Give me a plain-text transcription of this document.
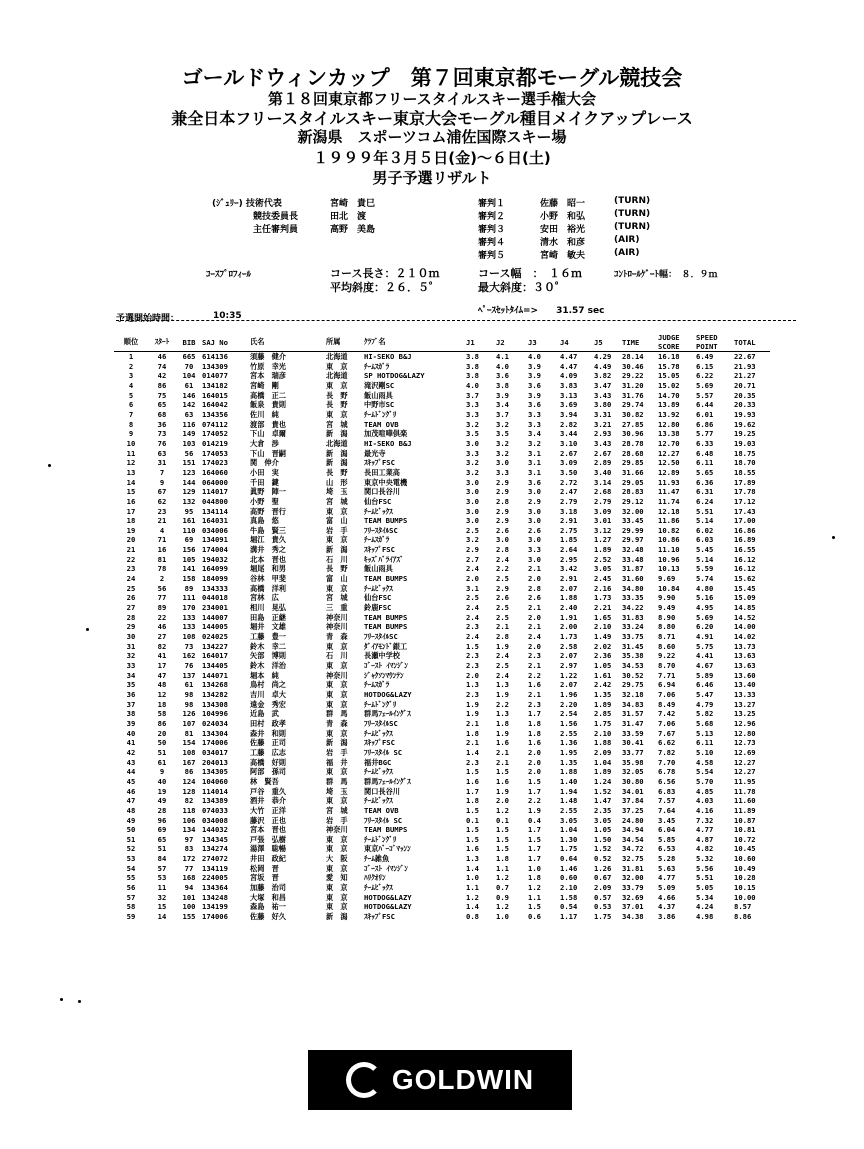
ゴールドウィンカップ　第７回東京都モーグル競技会
第１８回東京都フリースタイルスキー選手権大会
兼全日本フリースタイルスキー東京大会モーグル種目メイクアップレース
新潟県　スポーツコム浦佐国際スキー場
１９９９年３月５日(金)～６日(土)
男子予選リザルト
(ｼﾞｭﾘｰ) 技術代表	宮崎　貴巳
競技委員長	田北　渡
主任審判員	高野　美島
審判１	佐藤　昭一	(TURN)
審判２	小野　和弘	(TURN)
審判３	安田　裕光	(TURN)
審判４	清水　和彦	(AIR)
審判５	宮崎　敏夫	(AIR)
ｺｰｽﾌﾟﾛﾌｨｰﾙ	コース長さ：２１０ｍ
平均斜度：２６．５゜
コース幅　：　１６ｍ
最大斜度：３０゜
ｺﾝﾄﾛｰﾙｹﾞｰﾄ幅：　８．９ｍ
ﾍﾟｰｽｾｯﾄﾀｲﾑ=>　　31.57 sec
予選開始時間：	10:35
順位	ｽﾀｰﾄ	BIB	SAJ No	氏名	所属	ｸﾗﾌﾞ名	J1	J2	J3	J4	J5	TIME	JUDGE SCORE	SPEED POINT	TOTAL
1	46	665	614136	須藤　健介	北海道	HI-SEKO B&J	3.8	4.1	4.0	4.47	4.29	28.14	16.18	6.49	22.67
2	74	70	134309	竹原　幸光	東　京	ﾁｰﾑｽｶﾞﾗ	3.8	4.0	3.9	4.47	4.49	30.46	15.78	6.15	21.93
3	42	104	014077	宮本　瑞彦	北海道	SP HOTDOG&LAZY	3.8	3.6	3.9	4.09	3.82	29.22	15.05	6.22	21.27
4	86	61	134182	宮崎　剛	東　京	滝沢剛SC	4.0	3.8	3.6	3.83	3.47	31.20	15.02	5.69	20.71
5	75	146	164015	高橋　正二	長　野	飯山雨具	3.7	3.9	3.9	3.13	3.43	31.76	14.70	5.57	20.35
6	65	142	164042	飯泉　貴則	長　野	中野市SC	3.3	3.4	3.6	3.69	3.80	29.74	13.89	6.44	20.33
7	68	63	134356	佐川　純	東　京	ﾁｰﾑﾄﾞﾝｸﾞﾘ	3.3	3.7	3.3	3.94	3.31	30.82	13.92	6.01	19.93
8	36	116	074112	渡部　貴也	宮　城	TEAM OVB	3.2	3.2	3.3	2.82	3.21	27.85	12.80	6.86	19.62
9	73	149	174052	下山　卓爾	新　潟	加茂喧嘩倶楽	3.5	3.5	3.4	3.44	2.93	30.96	13.38	5.77	19.25
10	76	103	014219	大倉　渉	北海道	HI-SEKO B&J	3.0	3.2	3.2	3.10	3.43	28.78	12.70	6.33	19.03
11	63	56	174053	下山　晋嗣	新　潟	最光寺	3.3	3.2	3.1	2.67	2.67	28.68	12.27	6.48	18.75
12	31	151	174023	関　伸介	新　潟	ｽｷｯﾌﾟFSC	3.2	3.0	3.1	3.09	2.89	29.85	12.50	6.11	18.70
13	7	123	164060	小田　実	長　野	長田工業高	3.2	3.3	3.1	3.50	3.40	31.66	12.89	5.65	18.55
14	9	144	064000	千田　鍵	山　形	東京中央電機	3.0	2.9	3.6	2.72	3.14	29.05	11.93	6.36	17.89
15	67	129	114017	眞野　陣一	埼　玉	関口長谷川	3.0	2.9	3.0	2.47	2.68	28.83	11.47	6.31	17.78
16	62	132	044800	小野　聖	宮　城	仙台FSC	3.0	2.8	2.9	2.79	2.79	29.12	11.74	6.24	17.12
17	23	95	134114	高野　晋行	東　京	ﾁｰﾑﾋﾞｯｸｽ	3.0	2.9	3.0	3.18	3.09	32.00	12.18	5.51	17.43
18	21	161	164031	真島　悠	富　山	TEAM BUMPS	3.0	2.9	3.0	2.91	3.01	33.45	11.86	5.14	17.00
19	4	110	034006	牛島　賢三	岩　手	ﾌﾘｰｽﾀｲﾙSC	2.5	2.6	2.6	2.75	3.12	29.99	10.82	6.02	16.86
20	71	69	134091	堀江　貴久	東　京	ﾁｰﾑｽｶﾞﾗ	3.2	3.0	3.0	1.85	1.27	29.97	10.86	6.03	16.89
21	16	156	174004	溝井　秀之	新　潟	ｽｷｯﾌﾟFSC	2.9	2.8	3.3	2.64	1.89	32.48	11.10	5.45	16.55
22	81	105	194032	北本　晋也	石　川	ｷｯｽﾞﾊﾞﾗｲｱｽﾞ	2.7	2.4	3.0	2.95	2.52	33.48	10.96	5.14	16.12
23	78	141	164099	堀尾　和男	長　野	飯山雨具	2.4	2.2	2.1	3.42	3.05	31.87	10.13	5.59	16.12
24	2	158	184099	谷林　甲斐	富　山	TEAM BUMPS	2.0	2.5	2.0	2.91	2.45	31.60	9.69	5.74	15.62
25	56	89	134333	高橋　洋利	東　京	ﾁｰﾑﾋﾞｯｸｽ	3.1	2.9	2.8	2.07	2.16	34.80	10.84	4.80	15.45
26	77	111	044018	宮林　広	宮　城	仙台FSC	2.5	2.6	2.6	1.88	1.73	33.35	9.90	5.16	15.09
27	89	170	234001	相川　晃弘	三　重	鈴鹿FSC	2.4	2.5	2.1	2.40	2.21	34.22	9.49	4.95	14.85
28	22	133	144007	田島　正継	神奈川	TEAM BUMPS	2.4	2.5	2.0	1.91	1.65	31.83	8.90	5.69	14.52
29	46	133	144005	堀井　文雄	神奈川	TEAM BUMPS	2.3	2.1	2.1	2.00	2.10	33.24	8.80	6.20	14.00
30	27	108	024025	工藤　豊一	青　森	ﾌﾘｰｽﾀｲﾙSC	2.4	2.8	2.4	1.73	1.49	33.75	8.71	4.91	14.02
31	82	73	134227	鈴木　幸二	東　京	ﾀﾞｲｱﾓﾝﾄﾞ銀工	1.5	1.9	2.0	2.58	2.02	31.45	8.60	5.75	13.73
32	41	162	164017	矢部　博則	石　川	長瀬中学校	2.3	2.4	2.3	2.07	2.36	35.38	9.22	4.41	13.63
33	17	76	134405	鈴木　洋治	東　京	ｺﾞｰｽﾄ ｲﾏﾝｼﾞﾝ	2.3	2.5	2.1	2.97	1.05	34.53	8.70	4.67	13.63
34	47	137	144071	堀本　純	神奈川	ｼﾞｬｸｿﾝﾏｳﾝﾃﾝ	2.0	2.4	2.2	1.22	1.61	30.52	7.71	5.89	13.60
35	48	61	134268	鳥村　尚之	東　京	ﾁｰﾑｽｶﾞﾗ	1.3	1.3	1.6	2.07	2.42	29.75	6.94	6.46	13.40
36	12	98	134282	吉川　卓大	東　京	HOTDOG&LAZY	2.3	1.9	2.1	1.96	1.35	32.18	7.06	5.47	13.33
37	18	98	134308	遠金　秀宏	東　京	ﾁｰﾑﾄﾞﾝｸﾞﾘ	1.9	2.2	2.3	2.20	1.89	34.83	8.49	4.79	13.27
38	58	126	104996	近島　武	群　馬	群馬ﾌｪｰﾙｲﾝｸﾞｽ	1.9	1.3	1.7	2.54	2.85	31.57	7.42	5.82	13.25
39	86	107	024034	田村　政孝	青　森	ﾌﾘｰｽﾀｲﾙSC	2.1	1.8	1.8	1.56	1.75	31.47	7.06	5.68	12.96
40	20	81	134304	森井　和則	東　京	ﾁｰﾑﾋﾞｯｸｽ	1.8	1.9	1.8	2.55	2.10	33.59	7.67	5.13	12.80
41	50	154	174006	佐藤　正司	新　潟	ｽｷｯﾌﾟFSC	2.1	1.6	1.6	1.36	1.88	30.41	6.62	6.11	12.73
42	51	108	034017	工藤　広志	岩　手	ﾌﾘｰｽﾀｲﾙ SC	1.4	2.1	2.0	1.95	2.09	33.77	7.82	5.10	12.69
43	61	167	204013	高橋　好則	福　井	福井BGC	2.3	2.1	2.0	1.35	1.04	35.98	7.70	4.58	12.27
44	9	86	134305	阿部　孫司	東　京	ﾁｰﾑﾋﾞｯｸｽ	1.5	1.5	2.0	1.88	1.89	32.05	6.78	5.54	12.27
45	40	124	104060	林　賢吾	群　馬	群馬ﾌｪｰﾙｲﾝｸﾞｽ	1.6	1.6	1.5	1.40	1.24	30.80	6.56	5.70	11.95
46	19	128	114014	戸谷　重久	埼　玉	関口長谷川	1.7	1.9	1.7	1.94	1.52	34.01	6.83	4.85	11.78
47	49	82	134389	酒井　恭介	東　京	ﾁｰﾑﾋﾞｯｸｽ	1.8	2.0	2.2	1.48	1.47	37.84	7.57	4.03	11.60
48	28	118	074033	大竹　正洋	宮　城	TEAM OVB	1.5	1.2	1.9	2.55	2.35	37.25	7.64	4.16	11.89
49	96	106	034008	藤沢　正也	岩　手	ﾌﾘｰｽﾀｲﾙ SC	0.1	0.1	0.4	3.05	3.05	24.80	3.45	7.32	10.87
50	69	134	144032	宮本　晋也	神奈川	TEAM BUMPS	1.5	1.5	1.7	1.04	1.05	34.94	6.04	4.77	10.81
51	65	97	134345	戸張　弘樹	東　京	ﾁｰﾑﾄﾞﾝｸﾞﾘ	1.5	1.5	1.5	1.30	1.50	34.54	5.85	4.87	10.72
52	51	83	134274	湯澤　聡暢	東　京	東京ﾊﾞｰｺﾞﾏｯﾝﾝ	1.6	1.5	1.7	1.75	1.52	34.72	6.53	4.82	10.45
53	84	172	274072	井田　政紀	大　阪	ﾁｰﾑ雑魚	1.3	1.8	1.7	0.64	0.52	32.75	5.28	5.32	10.60
54	57	77	134119	松岡　晋	東　京	ｺﾞｰｽﾄ ｲﾏﾝｼﾞﾝ	1.4	1.1	1.0	1.46	1.26	31.81	5.63	5.56	10.49
55	53	168	224005	宮坂　晋	愛　知	ﾊﾘｸｵﾘﾝ	1.0	1.2	1.8	0.60	0.67	32.00	4.77	5.51	10.28
56	11	94	134364	加藤　治司	東　京	ﾁｰﾑﾋﾞｯｸｽ	1.1	0.7	1.2	2.10	2.09	33.79	5.09	5.05	10.15
57	32	101	134248	大塚　和昌	東　京	HOTDOG&LAZY	1.2	0.9	1.1	1.58	0.57	32.69	4.66	5.34	10.00
58	15	100	134199	森島　祐一	東　京	HOTDOG&LAZY	1.4	1.2	1.5	0.54	0.53	37.01	4.37	4.24	8.57
59	14	155	174006	佐藤　好久	新　潟	ｽｷｯﾌﾟFSC	0.8	1.0	0.6	1.17	1.75	34.38	3.86	4.98	8.86
GOLDWIN
